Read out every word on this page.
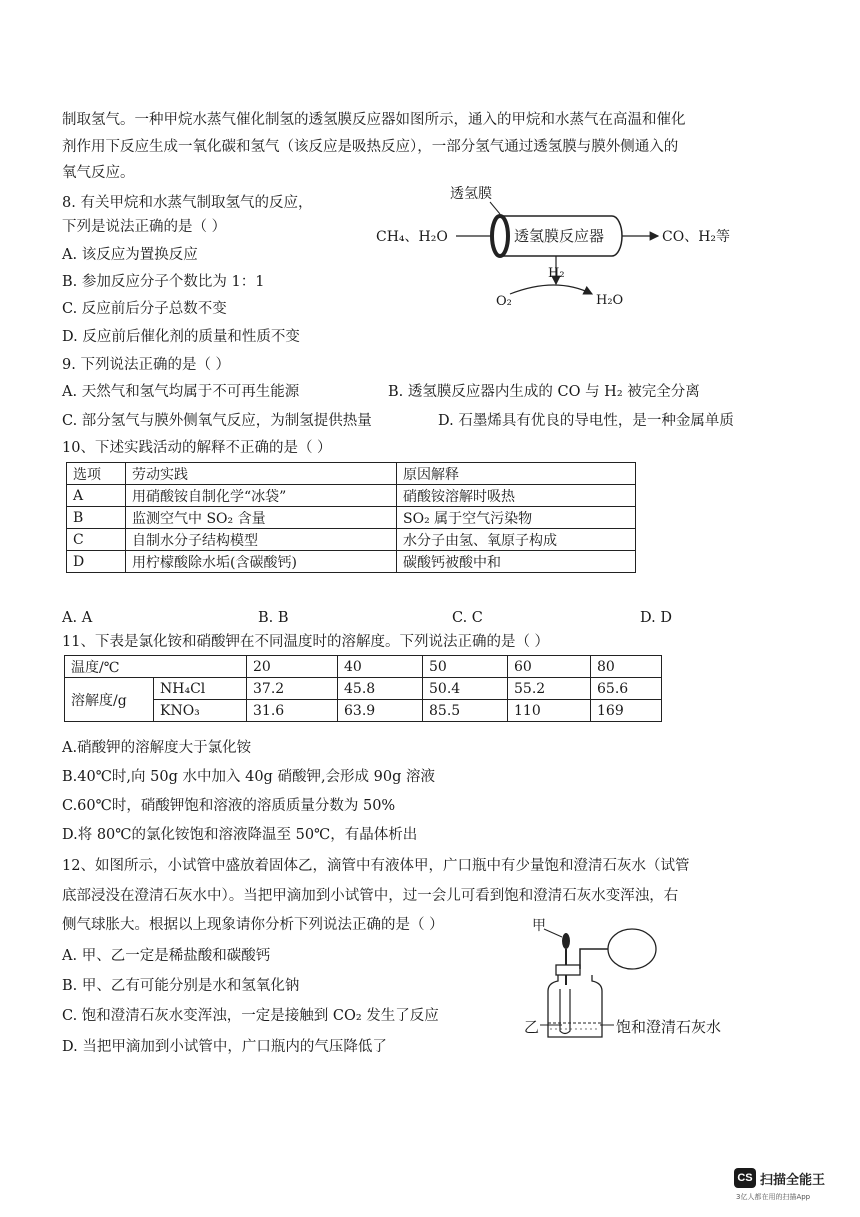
制取氢气。一种甲烷水蒸气催化制氢的透氢膜反应器如图所示，通入的甲烷和水蒸气在高温和催化
剂作用下反应生成一氧化碳和氢气（该反应是吸热反应），一部分氢气通过透氢膜与膜外侧通入的
氧气反应。
8. 有关甲烷和水蒸气制取氢气的反应，
下列是说法正确的是（ ）
A. 该反应为置换反应
B. 参加反应分子个数比为 1：1
C. 反应前后分子总数不变
D. 反应前后催化剂的质量和性质不变
透氢膜
CH₄、H₂O	透氢膜反应器	CO、H₂等
H₂
O₂	H₂O
9. 下列说法正确的是（ ）
A. 天然气和氢气均属于不可再生能源	B. 透氢膜反应器内生成的 CO 与 H₂ 被完全分离
C. 部分氢气与膜外侧氧气反应，为制氢提供热量	D. 石墨烯具有优良的导电性，是一种金属单质
10、下述实践活动的解释不正确的是（ ）
选项	劳动实践	原因解释
A	用硝酸铵自制化学“冰袋”	硝酸铵溶解时吸热
B	监测空气中 SO₂ 含量	SO₂ 属于空气污染物
C	自制水分子结构模型	水分子由氢、氧原子构成
D	用柠檬酸除水垢(含碳酸钙)	碳酸钙被酸中和
A. A	B. B	C. C	D. D
11、下表是氯化铵和硝酸钾在不同温度时的溶解度。下列说法正确的是（ ）
温度/℃		20	40	50	60	80
溶解度/g	NH₄Cl	37.2	45.8	50.4	55.2	65.6
	KNO₃	31.6	63.9	85.5	110	169
A.硝酸钾的溶解度大于氯化铵
B.40℃时,向 50g 水中加入 40g 硝酸钾,会形成 90g 溶液
C.60℃时，硝酸钾饱和溶液的溶质质量分数为 50%
D.将 80℃的氯化铵饱和溶液降温至 50℃，有晶体析出
12、如图所示，小试管中盛放着固体乙，滴管中有液体甲，广口瓶中有少量饱和澄清石灰水（试管
底部浸没在澄清石灰水中）。当把甲滴加到小试管中，过一会儿可看到饱和澄清石灰水变浑浊，右
侧气球胀大。根据以上现象请你分析下列说法正确的是（ ）
A. 甲、乙一定是稀盐酸和碳酸钙
B. 甲、乙有可能分别是水和氢氧化钠
C. 饱和澄清石灰水变浑浊，一定是接触到 CO₂ 发生了反应
D. 当把甲滴加到小试管中，广口瓶内的气压降低了
甲
乙	饱和澄清石灰水
CS 扫描全能王
3亿人都在用的扫描App
